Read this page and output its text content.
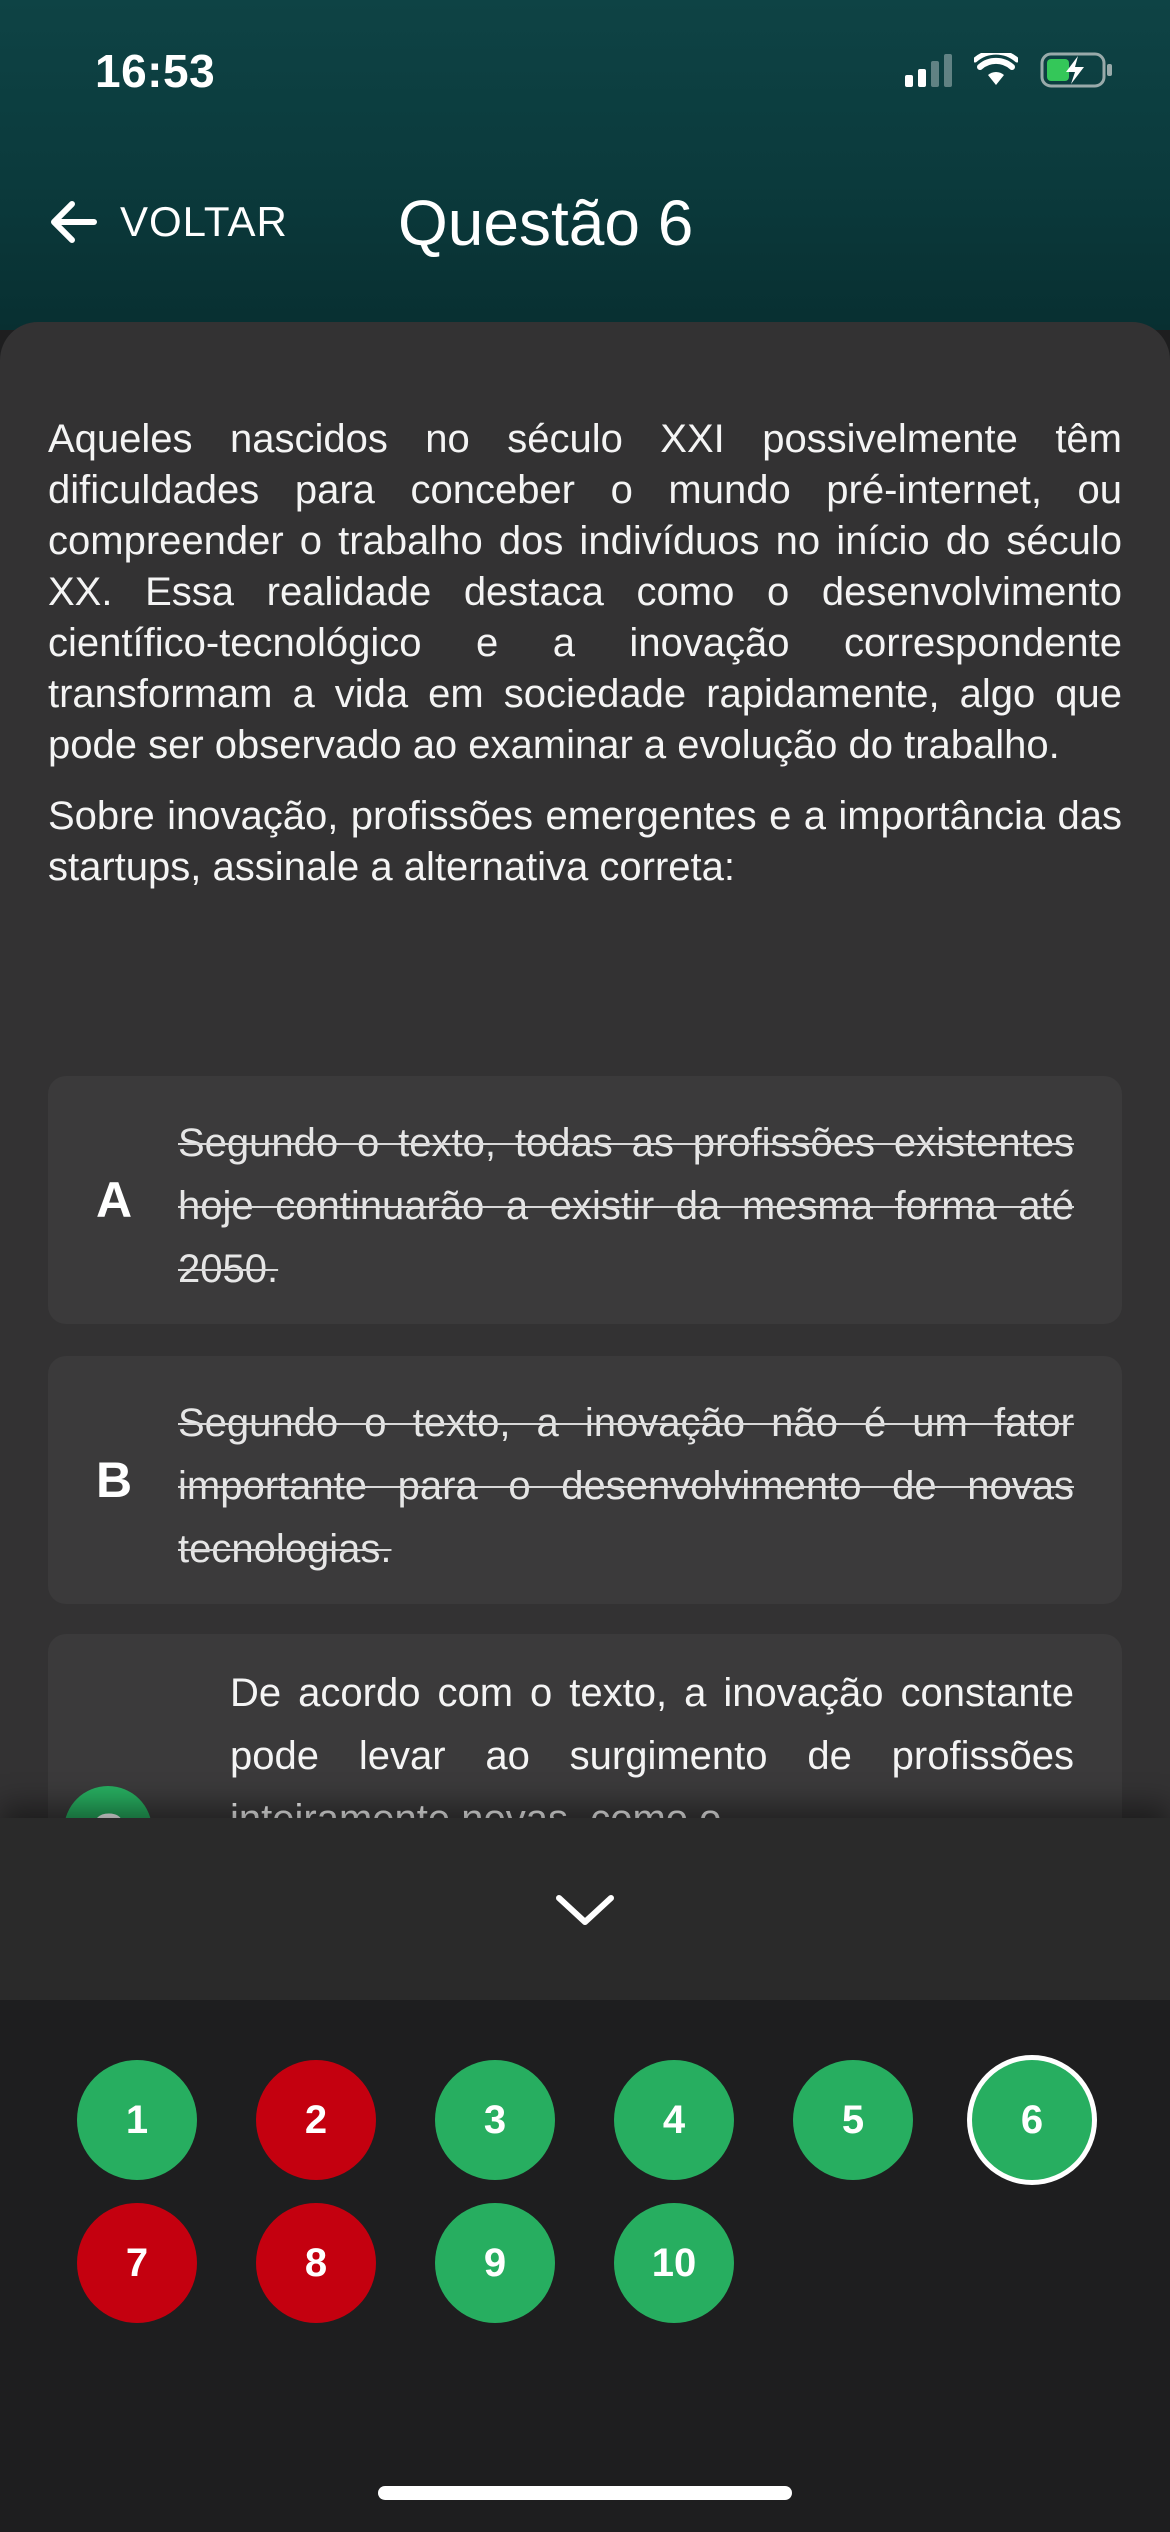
16:53
VOLTAR Questão 6

Aqueles nascidos no século XXI possivelmente têm dificuldades para conceber o mundo pré-internet, ou compreender o trabalho dos indivíduos no início do século XX. Essa realidade destaca como o desenvolvimento científico-tecnológico e a inovação correspondente transformam a vida em sociedade rapidamente, algo que pode ser observado ao examinar a evolução do trabalho.

Sobre inovação, profissões emergentes e a importância das startups, assinale a alternativa correta:

A
Segundo o texto, todas as profissões existentes hoje continuarão a existir da mesma forma até 2050.
B
Segundo o texto, a inovação não é um fator importante para o desenvolvimento de novas tecnologias.
De acordo com o texto, a inovação constante pode levar ao surgimento de profissões
1	2	3	4	5	6
7	8	9	10
